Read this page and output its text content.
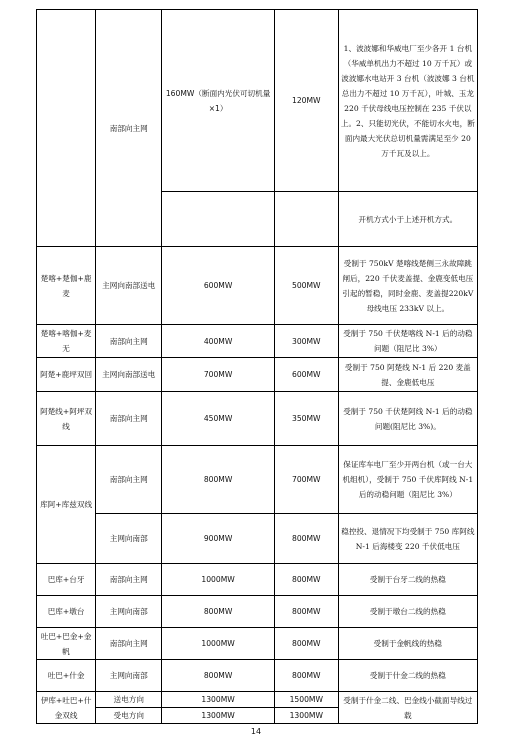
	南部向主网	160MW（断面内光伏可切机量×1）	120MW	1、波波娜和华威电厂至少各开 1 台机（华威单机出力不超过 10 万千瓦）或波波娜水电站开 3 台机（波波娜 3 台机总出力不超过 10 万千瓦），叶城、玉龙 220 千伏母线电压控制在 235 千伏以上。2、只能切光伏，不能切水火电，断面内最大光伏总切机量需满足至少 20 万千瓦及以上。
				开机方式小于上述开机方式。
楚喀+楚伽+鹿麦	主网向南部送电	600MW	500MW	受制于 750kV 楚喀线楚侧三永故障跳闸后，220 千伏麦盖提、金鹿变低电压引起的暂稳，同时金鹿、麦盖提220kV 母线电压 233kV 以上。
楚喀+喀伽+麦无	南部向主网	400MW	300MW	受制于 750 千伏楚喀线 N-1 后的动稳问题（阻尼比 3%）
阿楚+鹿坪双回	主网向南部送电	700MW	600MW	受制于 750 阿楚线 N-1 后 220 麦盖提、金鹿低电压
阿楚线+阿坪双线	南部向主网	450MW	350MW	受制于 750 千伏楚阿线 N-1 后的动稳问题(阻尼比 3%)。
库阿+库兹双线	南部向主网	800MW	700MW	保证库车电厂至少开两台机（或一台大机组机），受制于 750 千伏库阿线 N-1 后的动稳问题（阻尼比 3%）
	主网向南部	900MW	800MW	稳控投、退情况下均受制于 750 库阿线 N-1 后海楼变 220 千伏低电压
巴库+台牙	南部向主网	1000MW	800MW	受制于台牙二线的热稳
巴库+墩台	主网向南部	800MW	800MW	受制于墩台二线的热稳
吐巴+巴金+金帆	南部向主网	1000MW	800MW	受制于金帆线的热稳
吐巴+什金	主网向南部	800MW	800MW	受制于什金二线的热稳
伊库+吐巴+什金双线	送电方向	1300MW	1500MW	受制于什金二线、巴金线小截面导线过载
	受电方向	1300MW	1300MW	
14
